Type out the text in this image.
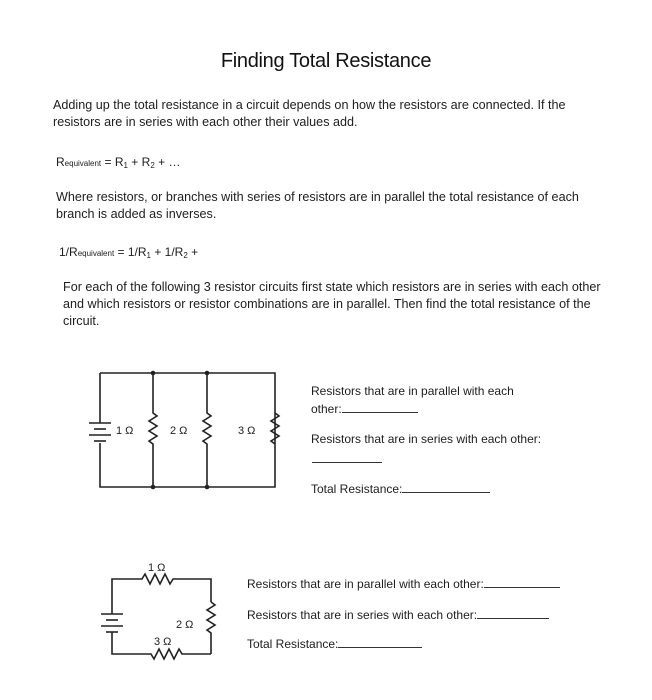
Finding Total Resistance
Adding up the total resistance in a circuit depends on how the resistors are connected. If the resistors are in series with each other their values add.
Requivalent = $R_1 + R_2$ + …
Where resistors, or branches with series of resistors are in parallel the total resistance of each branch is added as inverses.
1/Requivalent = $1/R_1 + 1/R_2$ +
For each of the following 3 resistor circuits first state which resistors are in series with each other and which resistors or resistor combinations are in parallel. Then find the total resistance of the circuit.
1 Ω	2 Ω	3 Ω
Resistors that are in parallel with each
other:
Resistors that are in series with each other:
Total Resistance:
1 Ω
2 Ω
3 Ω
Resistors that are in parallel with each other:
Resistors that are in series with each other:
Total Resistance:
